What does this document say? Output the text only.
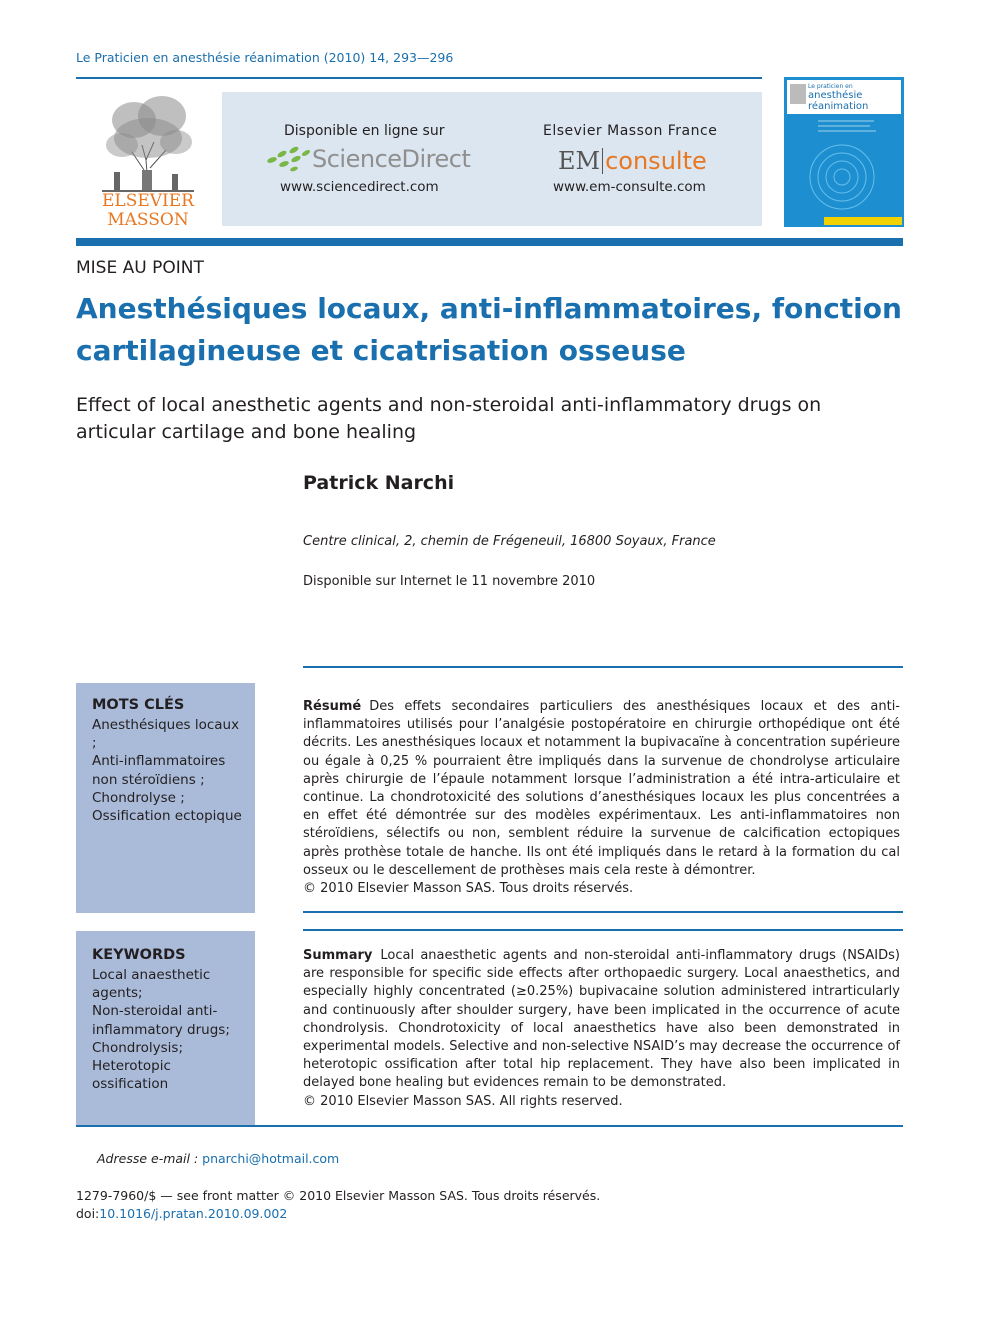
Le Praticien en anesthésie réanimation (2010) 14, 293—296
ELSEVIER
MASSON
Disponible en ligne sur
ScienceDirect
www.sciencedirect.com
Elsevier Masson France
EM consulte
www.em-consulte.com
Le praticien en
anesthésie
réanimation
MISE AU POINT
Anesthésiques locaux, anti-inflammatoires, fonction cartilagineuse et cicatrisation osseuse
Effect of local anesthetic agents and non-steroidal anti-inflammatory drugs on articular cartilage and bone healing
Patrick Narchi
Centre clinical, 2, chemin de Frégeneuil, 16800 Soyaux, France
Disponible sur Internet le 11 novembre 2010
MOTS CLÉS
Anesthésiques locaux ;
Anti-inflammatoires non stéroïdiens ;
Chondrolyse ;
Ossification ectopique
Résumé Des effets secondaires particuliers des anesthésiques locaux et des anti-inflammatoires utilisés pour l’analgésie postopératoire en chirurgie orthopédique ont été décrits. Les anesthésiques locaux et notamment la bupivacaïne à concentration supérieure ou égale à 0,25 % pourraient être impliqués dans la survenue de chondrolyse articulaire après chirurgie de l’épaule notamment lorsque l’administration a été intra-articulaire et continue. La chondrotoxicité des solutions d’anesthésiques locaux les plus concentrées a en effet été démontrée sur des modèles expérimentaux. Les anti-inflammatoires non stéroïdiens, sélectifs ou non, semblent réduire la survenue de calcification ectopiques après prothèse totale de hanche. Ils ont été impliqués dans le retard à la formation du cal osseux ou le descellement de prothèses mais cela reste à démontrer.
© 2010 Elsevier Masson SAS. Tous droits réservés.
KEYWORDS
Local anaesthetic agents;
Non-steroidal anti-inflammatory drugs;
Chondrolysis;
Heterotopic ossification
Summary Local anaesthetic agents and non-steroidal anti-inflammatory drugs (NSAIDs) are responsible for specific side effects after orthopaedic surgery. Local anaesthetics, and especially highly concentrated (≥0.25%) bupivacaine solution administered intrarticularly and continuously after shoulder surgery, have been implicated in the occurrence of acute chondrolysis. Chondrotoxicity of local anaesthetics have also been demonstrated in experimental models. Selective and non-selective NSAID’s may decrease the occurrence of heterotopic ossification after total hip replacement. They have also been implicated in delayed bone healing but evidences remain to be demonstrated.
© 2010 Elsevier Masson SAS. All rights reserved.
Adresse e-mail : pnarchi@hotmail.com
1279-7960/$ — see front matter © 2010 Elsevier Masson SAS. Tous droits réservés.
doi:10.1016/j.pratan.2010.09.002
